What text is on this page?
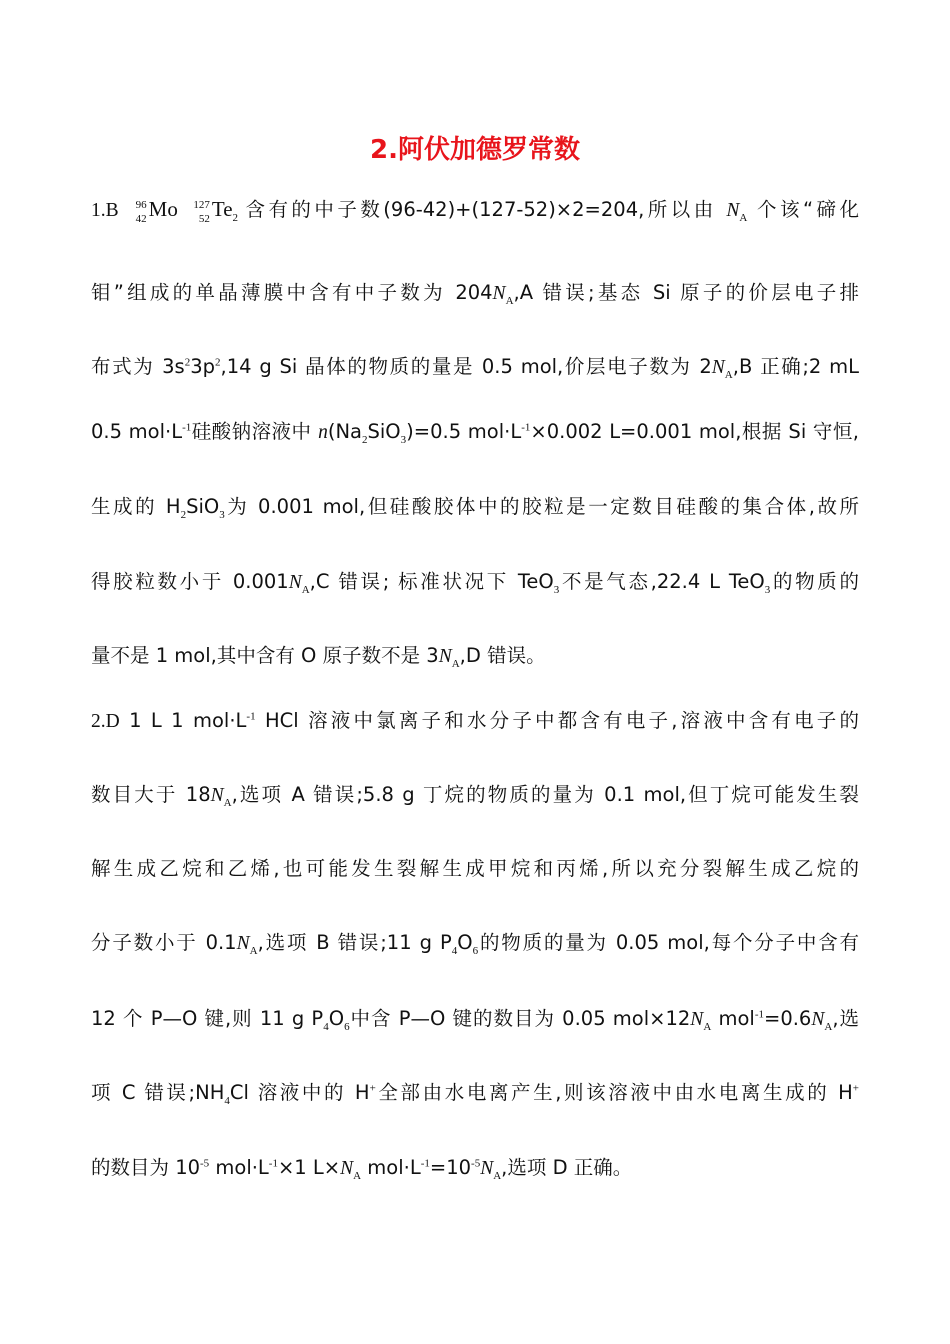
2.阿伏加德罗常数
1.B 96
42 Mo 127
52 $Te_2$ 含有的中子数(96-42)+(127-52)×2=204,所以由 $N_A$ 个该“碲化
钼”组成的单晶薄膜中含有中子数为 $204N_A,A$ 错误;基态 Si 原子的价层电子排
布式为 $3s^23p^2,14$ g Si 晶体的物质的量是 0.5 mol,价层电子数为 $2N_A,B$ 正确;2 mL
0.5 $mol\cdot L^{-1}$硅酸钠溶液中 $n(Na_2SiO_3)=0.5$ $mol\cdot L^{-1}\times 0.002$ L=0.001 mol,根据 Si 守恒,
生成的 $H_2SiO_3$为 0.001 mol,但硅酸胶体中的胶粒是一定数目硅酸的集合体,故所
得胶粒数小于 $0.001N_A,C$ 错误; 标准状况下 TeO$_3$不是气态,22.4 L TeO$_3$的物质的
量不是 1 mol,其中含有 O 原子数不是 $3N_A,D$ 错误。
2.D 1 L 1 $mol\cdot L^{-1}$ HCl 溶液中氯离子和水分子中都含有电子,溶液中含有电子的
数目大于 $18N_A$,选项 A 错误;5.8 g 丁烷的物质的量为 0.1 mol,但丁烷可能发生裂
解生成乙烷和乙烯,也可能发生裂解生成甲烷和丙烯,所以充分裂解生成乙烷的
分子数小于 $0.1N_A$,选项 B 错误;11 g $P_4O_6$的物质的量为 0.05 mol,每个分子中含有
12 个 P—O 键,则 11 g $P_4O_6$中含 P—O 键的数目为 0.05 $mol\times 12N_A$ $mol^{-1}=0.6N_A$,选
项 C 错误$;NH_4Cl$ 溶液中的 H+全部由水电离产生,则该溶液中由水电离生成的 H+
的数目为 $10^{-5}$ $mol\cdot L^{-1}\times 1$ $L\times N_A$ $mol\cdot L^{-1}=10^{-5}N_A$,选项 D 正确。
